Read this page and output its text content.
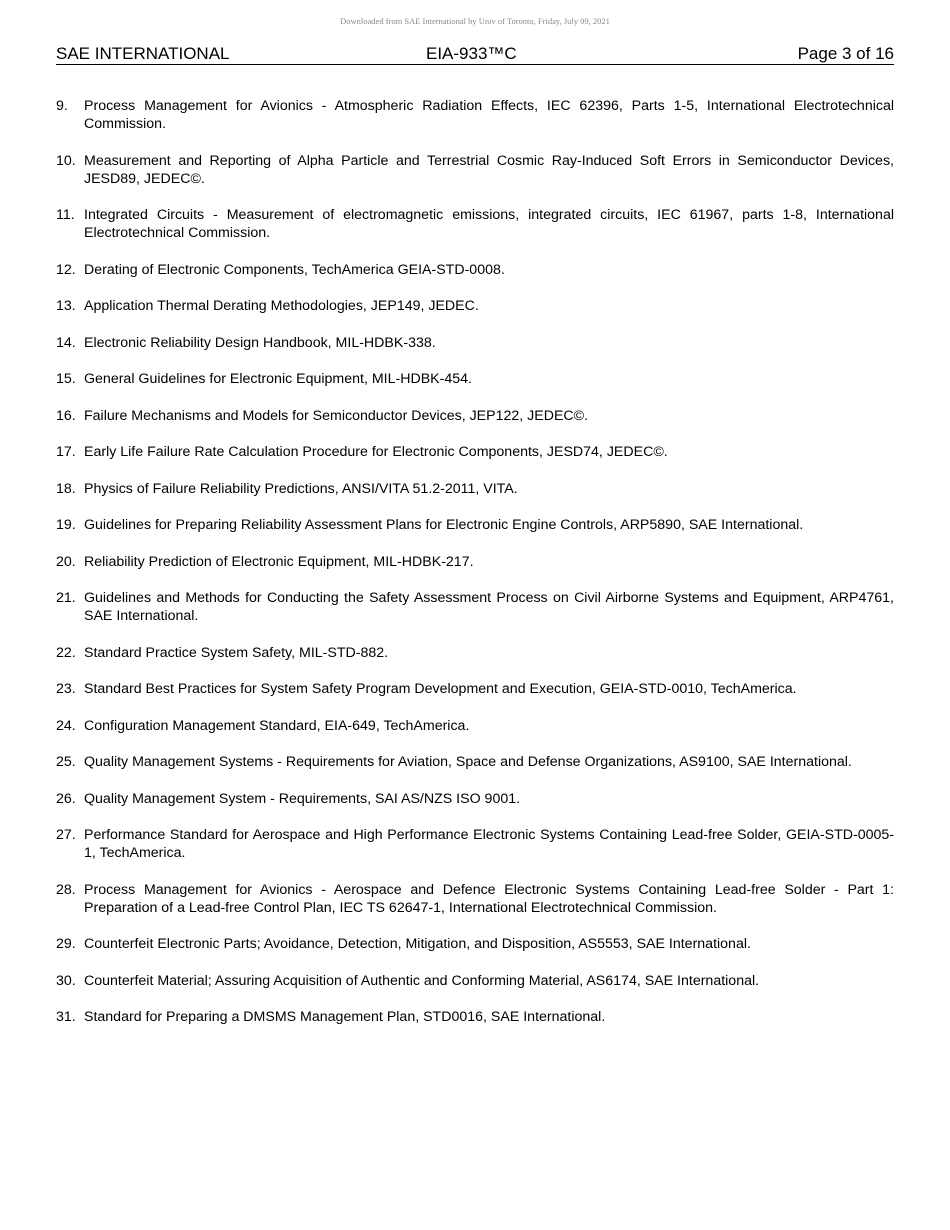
Downloaded from SAE International by Univ of Toronto, Friday, July 09, 2021
SAE INTERNATIONAL	EIA-933™C	Page 3 of 16
9. Process Management for Avionics - Atmospheric Radiation Effects, IEC 62396, Parts 1-5, International Electrotechnical Commission.
10. Measurement and Reporting of Alpha Particle and Terrestrial Cosmic Ray-Induced Soft Errors in Semiconductor Devices, JESD89, JEDEC©.
11. Integrated Circuits - Measurement of electromagnetic emissions, integrated circuits, IEC 61967, parts 1-8, International Electrotechnical Commission.
12. Derating of Electronic Components, TechAmerica GEIA-STD-0008.
13. Application Thermal Derating Methodologies, JEP149, JEDEC.
14. Electronic Reliability Design Handbook, MIL-HDBK-338.
15. General Guidelines for Electronic Equipment, MIL-HDBK-454.
16. Failure Mechanisms and Models for Semiconductor Devices, JEP122, JEDEC©.
17. Early Life Failure Rate Calculation Procedure for Electronic Components, JESD74, JEDEC©.
18. Physics of Failure Reliability Predictions, ANSI/VITA 51.2-2011, VITA.
19. Guidelines for Preparing Reliability Assessment Plans for Electronic Engine Controls, ARP5890, SAE International.
20. Reliability Prediction of Electronic Equipment, MIL-HDBK-217.
21. Guidelines and Methods for Conducting the Safety Assessment Process on Civil Airborne Systems and Equipment, ARP4761, SAE International.
22. Standard Practice System Safety, MIL-STD-882.
23. Standard Best Practices for System Safety Program Development and Execution, GEIA-STD-0010, TechAmerica.
24. Configuration Management Standard, EIA-649, TechAmerica.
25. Quality Management Systems - Requirements for Aviation, Space and Defense Organizations, AS9100, SAE International.
26. Quality Management System - Requirements, SAI AS/NZS ISO 9001.
27. Performance Standard for Aerospace and High Performance Electronic Systems Containing Lead-free Solder, GEIA-STD-0005-1, TechAmerica.
28. Process Management for Avionics - Aerospace and Defence Electronic Systems Containing Lead-free Solder - Part 1: Preparation of a Lead-free Control Plan, IEC TS 62647-1, International Electrotechnical Commission.
29. Counterfeit Electronic Parts; Avoidance, Detection, Mitigation, and Disposition, AS5553, SAE International.
30. Counterfeit Material; Assuring Acquisition of Authentic and Conforming Material, AS6174, SAE International.
31. Standard for Preparing a DMSMS Management Plan, STD0016, SAE International.
